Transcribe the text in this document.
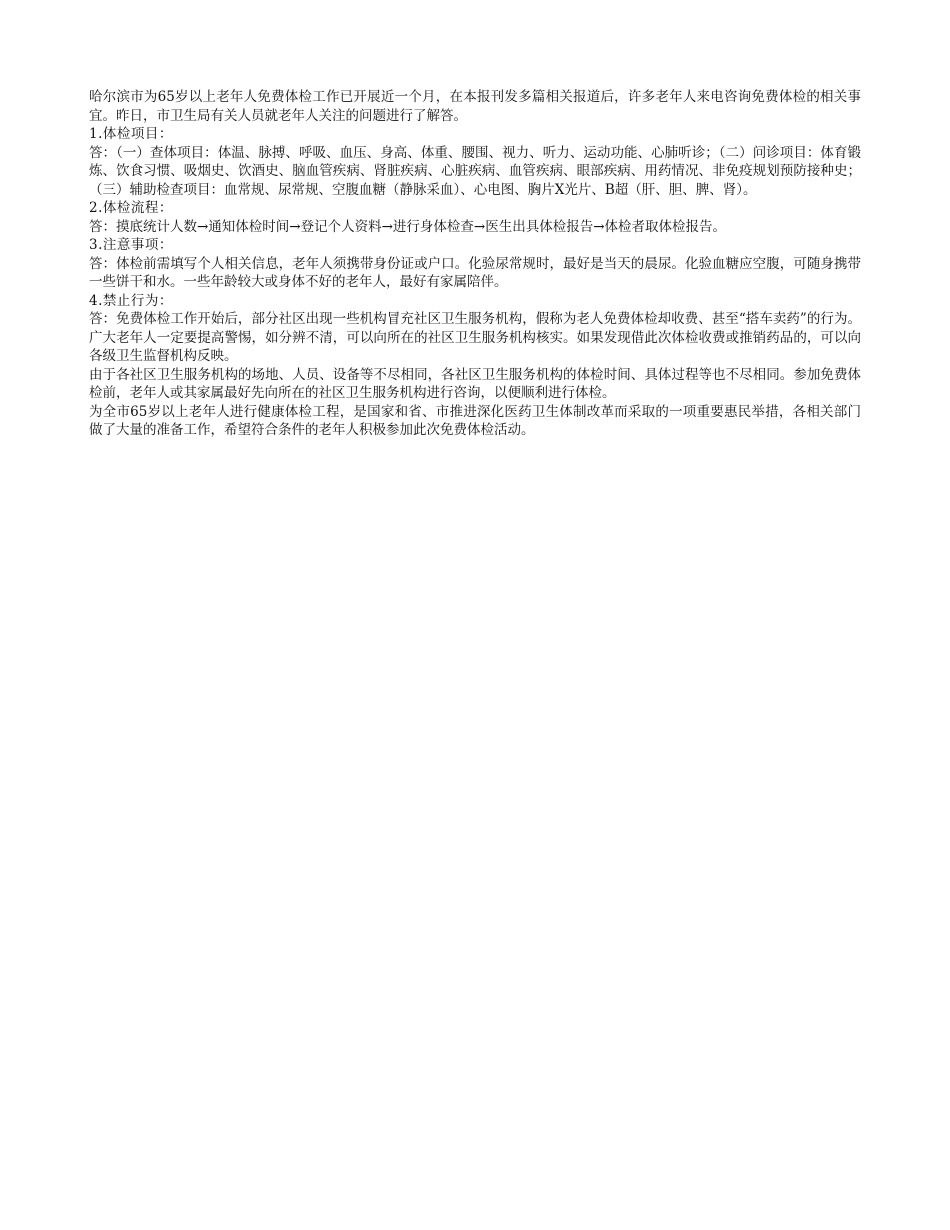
哈尔滨市为65岁以上老年人免费体检工作已开展近一个月，在本报刊发多篇相关报道后，许多老年人来电咨询免费体检的相关事宜。昨日，市卫生局有关人员就老年人关注的问题进行了解答。

1.体检项目：

答：（一）查体项目：体温、脉搏、呼吸、血压、身高、体重、腰围、视力、听力、运动功能、心肺听诊；（二）问诊项目：体育锻炼、饮食习惯、吸烟史、饮酒史、脑血管疾病、肾脏疾病、心脏疾病、血管疾病、眼部疾病、用药情况、非免疫规划预防接种史；（三）辅助检查项目：血常规、尿常规、空腹血糖（静脉采血）、心电图、胸片X光片、B超（肝、胆、脾、肾）。

2.体检流程：

答：摸底统计人数→通知体检时间→登记个人资料→进行身体检查→医生出具体检报告→体检者取体检报告。

3.注意事项：

答：体检前需填写个人相关信息，老年人须携带身份证或户口。化验尿常规时，最好是当天的晨尿。化验血糖应空腹，可随身携带一些饼干和水。一些年龄较大或身体不好的老年人，最好有家属陪伴。

4.禁止行为：

答：免费体检工作开始后，部分社区出现一些机构冒充社区卫生服务机构，假称为老人免费体检却收费、甚至“搭车卖药”的行为。广大老年人一定要提高警惕，如分辨不清，可以向所在的社区卫生服务机构核实。如果发现借此次体检收费或推销药品的，可以向各级卫生监督机构反映。

由于各社区卫生服务机构的场地、人员、设备等不尽相同，各社区卫生服务机构的体检时间、具体过程等也不尽相同。参加免费体检前，老年人或其家属最好先向所在的社区卫生服务机构进行咨询，以便顺利进行体检。

为全市65岁以上老年人进行健康体检工程，是国家和省、市推进深化医药卫生体制改革而采取的一项重要惠民举措，各相关部门做了大量的准备工作，希望符合条件的老年人积极参加此次免费体检活动。
